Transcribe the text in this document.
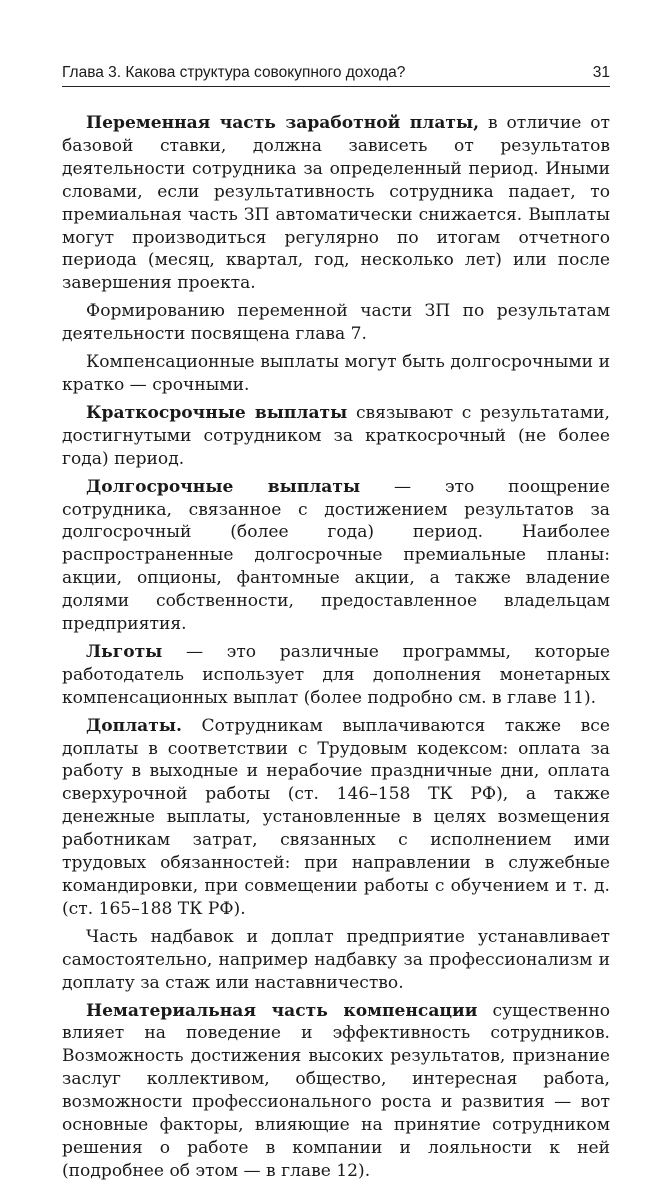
Глава 3. Какова структура совокупного дохода?	31

Переменная часть заработной платы, в отличие от базовой ставки, должна зависеть от результатов деятельности сотрудника за определенный период. Иными словами, если результативность сотрудника падает, то премиальная часть ЗП автоматически снижается. Выплаты могут производиться регулярно по итогам отчетного периода (месяц, квартал, год, несколько лет) или после завершения проекта.

Формированию переменной части ЗП по результатам деятельности посвящена глава 7.

Компенсационные выплаты могут быть долгосрочными и кратко — срочными.

Краткосрочные выплаты связывают с результатами, достигнутыми сотрудником за краткосрочный (не более года) период.

Долгосрочные выплаты — это поощрение сотрудника, связанное с достижением результатов за долгосрочный (более года) период. Наиболее распространенные долгосрочные премиальные планы: акции, опционы, фантомные акции, а также владение долями собственности, предоставленное владельцам предприятия.

Льготы — это различные программы, которые работодатель использует для дополнения монетарных компенсационных выплат (более подробно см. в главе 11).

Доплаты. Сотрудникам выплачиваются также все доплаты в соответствии с Трудовым кодексом: оплата за работу в выходные и нерабочие праздничные дни, оплата сверхурочной работы (ст. 146–158 ТК РФ), а также денежные выплаты, установленные в целях возмещения работникам затрат, связанных с исполнением ими трудовых обязанностей: при направлении в служебные командировки, при совмещении работы с обучением и т. д. (ст. 165–188 ТК РФ).

Часть надбавок и доплат предприятие устанавливает самостоятельно, например надбавку за профессионализм и доплату за стаж или наставничество.

Нематериальная часть компенсации существенно влияет на поведение и эффективность сотрудников. Возможность достижения высоких результатов, признание заслуг коллективом, общество, интересная работа, возможности профессионального роста и развития — вот основные факторы, влияющие на принятие сотрудником решения о работе в компании и лояльности к ней (подробнее об этом — в главе 12).
